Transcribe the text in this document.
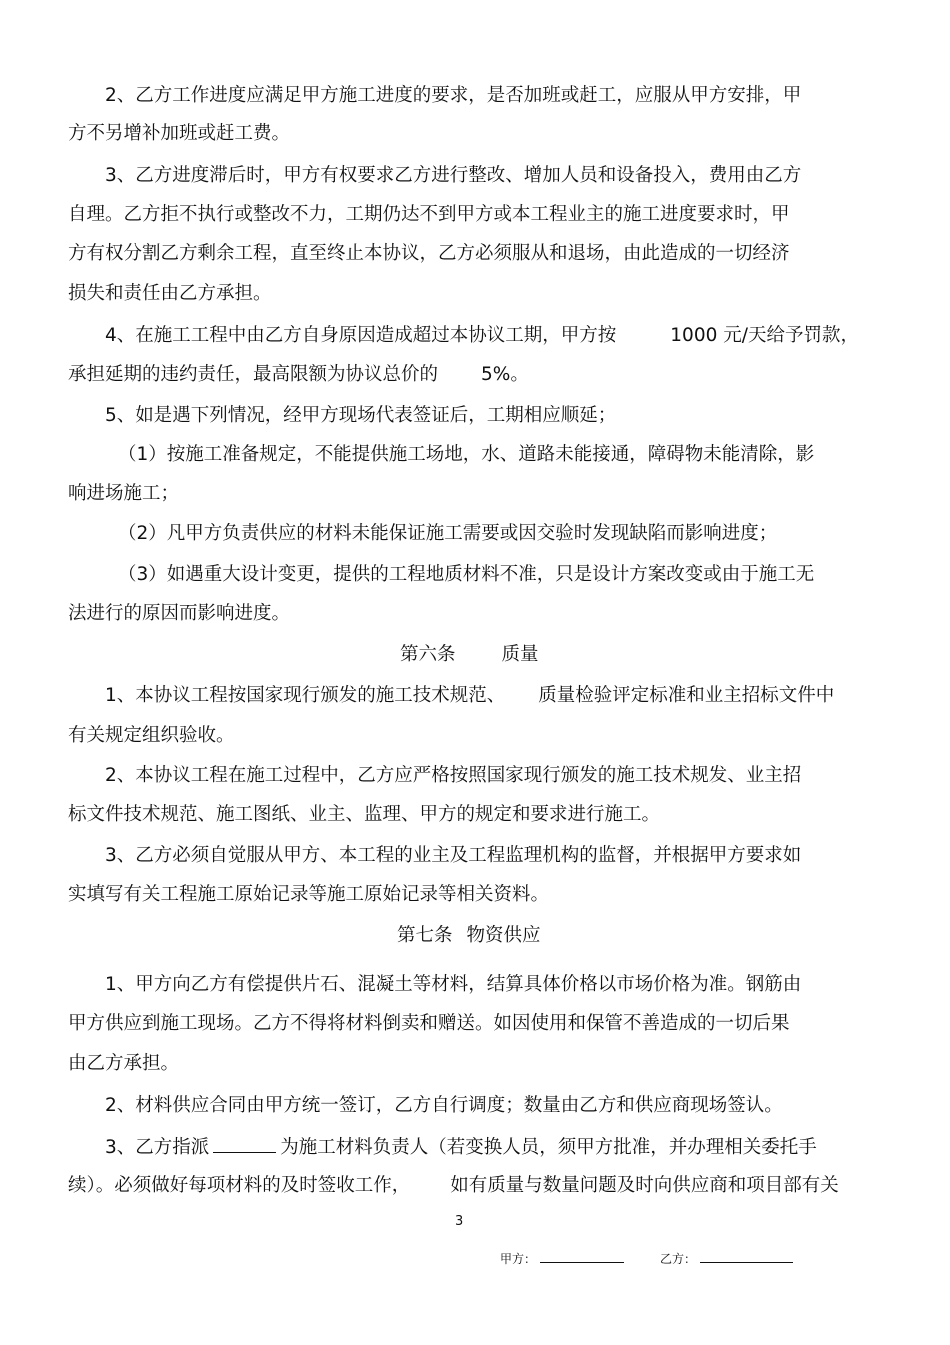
2、乙方工作进度应满足甲方施工进度的要求，是否加班或赶工，应服从甲方安排，甲
方不另增补加班或赶工费。
3、乙方进度滞后时，甲方有权要求乙方进行整改、增加人员和设备投入，费用由乙方
自理。乙方拒不执行或整改不力，工期仍达不到甲方或本工程业主的施工进度要求时，甲
方有权分割乙方剩余工程，直至终止本协议，乙方必须服从和退场，由此造成的一切经济
损失和责任由乙方承担。
4、在施工工程中由乙方自身原因造成超过本协议工期，甲方按	1000 元/天给予罚款，
承担延期的违约责任，最高限额为协议总价的 5%。
5、如是遇下列情况，经甲方现场代表签证后，工期相应顺延；
（1）按施工准备规定，不能提供施工场地，水、道路未能接通，障碍物未能清除，影
响进场施工；
（2）凡甲方负责供应的材料未能保证施工需要或因交验时发现缺陷而影响进度；
（3）如遇重大设计变更，提供的工程地质材料不准，只是设计方案改变或由于施工无
法进行的原因而影响进度。
第六条 质量
1、本协议工程按国家现行颁发的施工技术规范、 质量检验评定标准和业主招标文件中
有关规定组织验收。
2、本协议工程在施工过程中，乙方应严格按照国家现行颁发的施工技术规发、业主招
标文件技术规范、施工图纸、业主、监理、甲方的规定和要求进行施工。
3、乙方必须自觉服从甲方、本工程的业主及工程监理机构的监督，并根据甲方要求如
实填写有关工程施工原始记录等施工原始记录等相关资料。
第七条 物资供应
1、甲方向乙方有偿提供片石、混凝土等材料，结算具体价格以市场价格为准。钢筋由
甲方供应到施工现场。乙方不得将材料倒卖和赠送。如因使用和保管不善造成的一切后果
由乙方承担。
2、材料供应合同由甲方统一签订，乙方自行调度；数量由乙方和供应商现场签认。
3、乙方指派	为施工材料负责人（若变换人员，须甲方批准，并办理相关委托手
续）。必须做好每项材料的及时签收工作， 如有质量与数量问题及时向供应商和项目部有关
3
甲方：	乙方：
